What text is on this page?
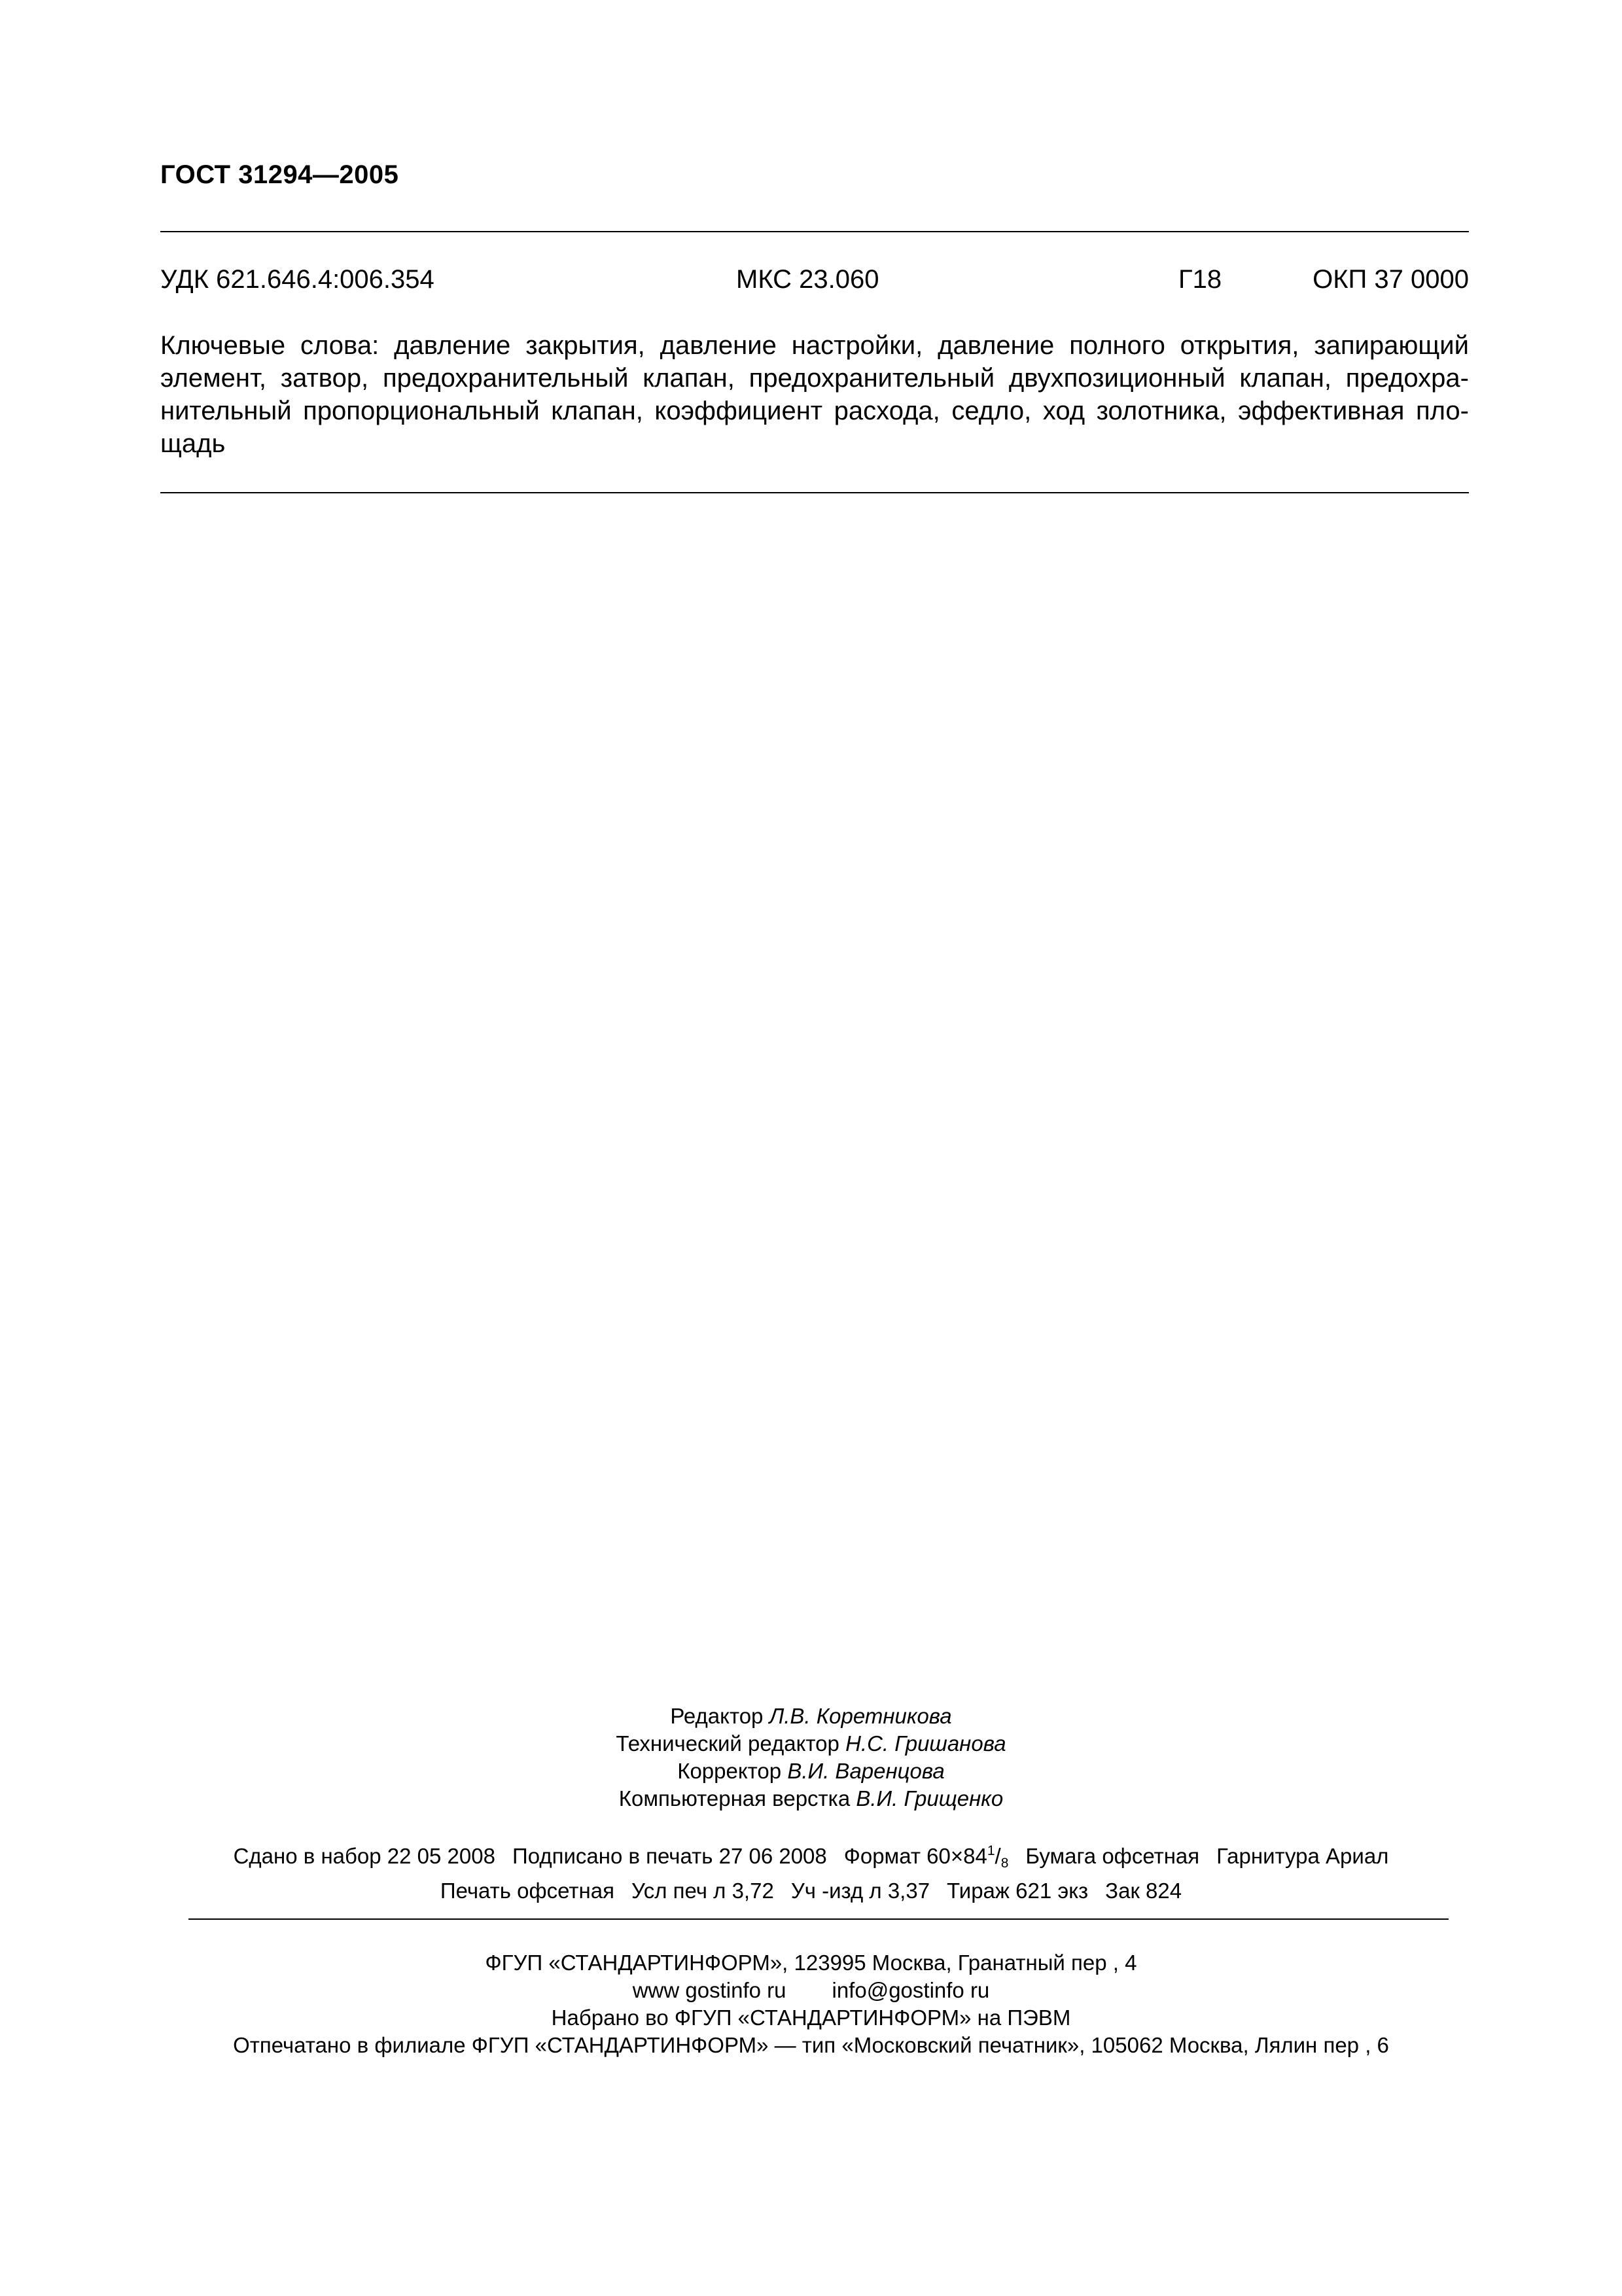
ГОСТ 31294—2005
УДК 621.646.4:006.354	МКС 23.060	Г18	ОКП 37 0000
Ключевые слова: давление закрытия, давление настройки, давление полного открытия, запирающий
элемент, затвор, предохранительный клапан, предохранительный двухпозиционный клапан, предохра-
нительный пропорциональный клапан, коэффициент расхода, седло, ход золотника, эффективная пло-
щадь
Редактор Л.В. Коретникова
Технический редактор Н.С. Гришанова
Корректор В.И. Варенцова
Компьютерная верстка В.И. Грищенко
Сдано в набор 22 05 2008 Подписано в печать 27 06 2008 Формат $60\times 84^1/8$ Бумага офсетная Гарнитура Ариал
Печать офсетная Усл печ л 3,72 Уч -изд л 3,37 Тираж 621 экз Зак 824
ФГУП «СТАНДАРТИНФОРМ», 123995 Москва, Гранатный пер , 4
www gostinfo ru info@gostinfo ru
Набрано во ФГУП «СТАНДАРТИНФОРМ» на ПЭВМ
Отпечатано в филиале ФГУП «СТАНДАРТИНФОРМ» — тип «Московский печатник», 105062 Москва, Лялин пер , 6
